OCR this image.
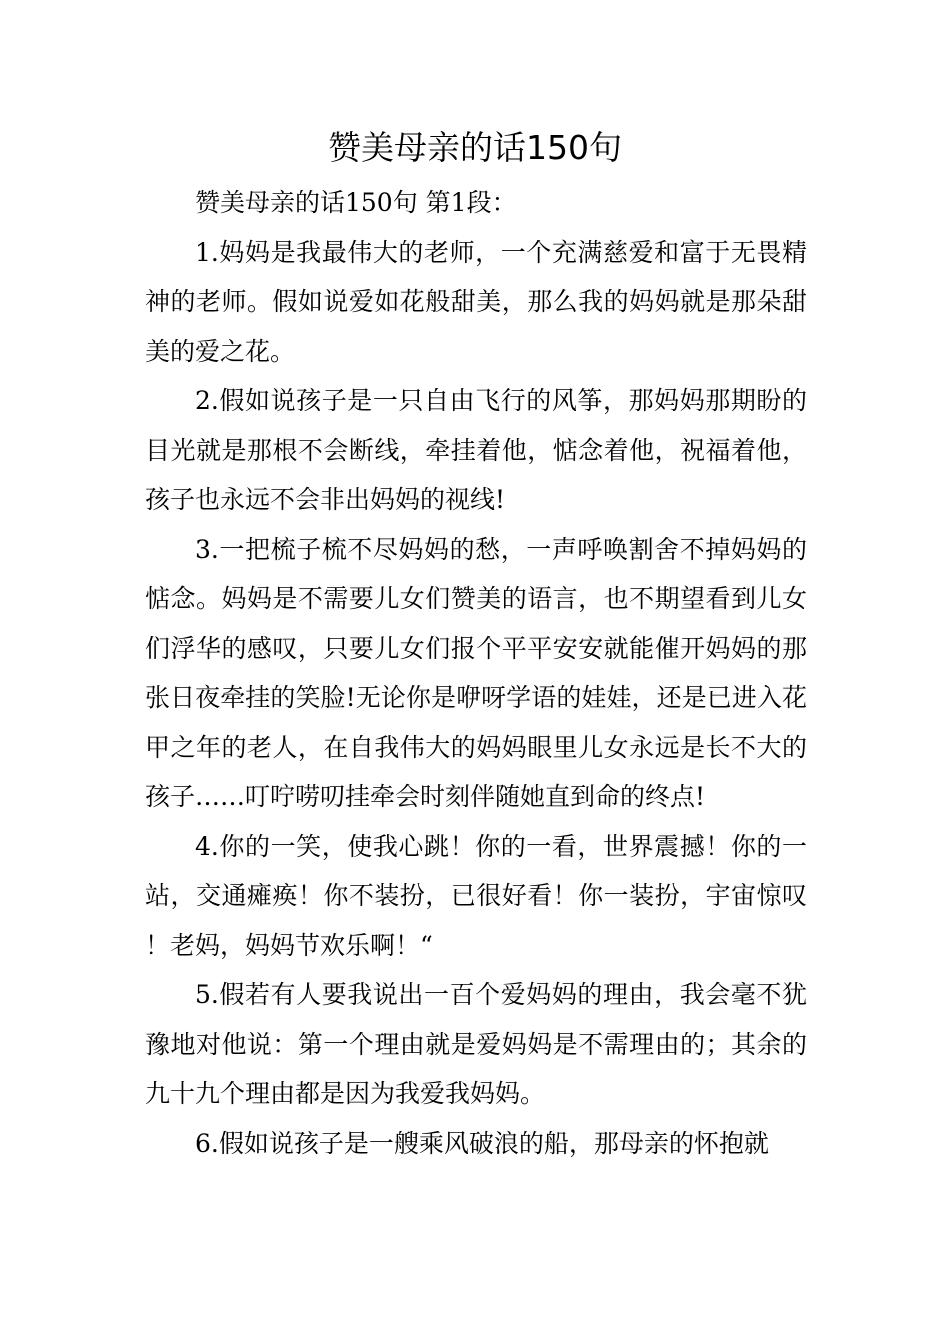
赞美母亲的话150句

赞美母亲的话150句 第1段：

1.妈妈是我最伟大的老师，一个充满慈爱和富于无畏精神的老师。假如说爱如花般甜美，那么我的妈妈就是那朵甜美的爱之花。

2.假如说孩子是一只自由飞行的风筝，那妈妈那期盼的目光就是那根不会断线，牵挂着他，惦念着他，祝福着他，孩子也永远不会非出妈妈的视线!

3.一把梳子梳不尽妈妈的愁，一声呼唤割舍不掉妈妈的惦念。妈妈是不需要儿女们赞美的语言，也不期望看到儿女们浮华的感叹，只要儿女们报个平平安安就能催开妈妈的那张日夜牵挂的笑脸!无论你是咿呀学语的娃娃，还是已进入花甲之年的老人，在自我伟大的妈妈眼里儿女永远是长不大的孩子……叮咛唠叨挂牵会时刻伴随她直到命的终点!

4.你的一笑，使我心跳！你的一看，世界震撼！你的一站，交通瘫痪！你不装扮，已很好看！你一装扮，宇宙惊叹！老妈，妈妈节欢乐啊！“

5.假若有人要我说出一百个爱妈妈的理由，我会毫不犹豫地对他说：第一个理由就是爱妈妈是不需理由的；其余的九十九个理由都是因为我爱我妈妈。

6.假如说孩子是一艘乘风破浪的船，那母亲的怀抱就
